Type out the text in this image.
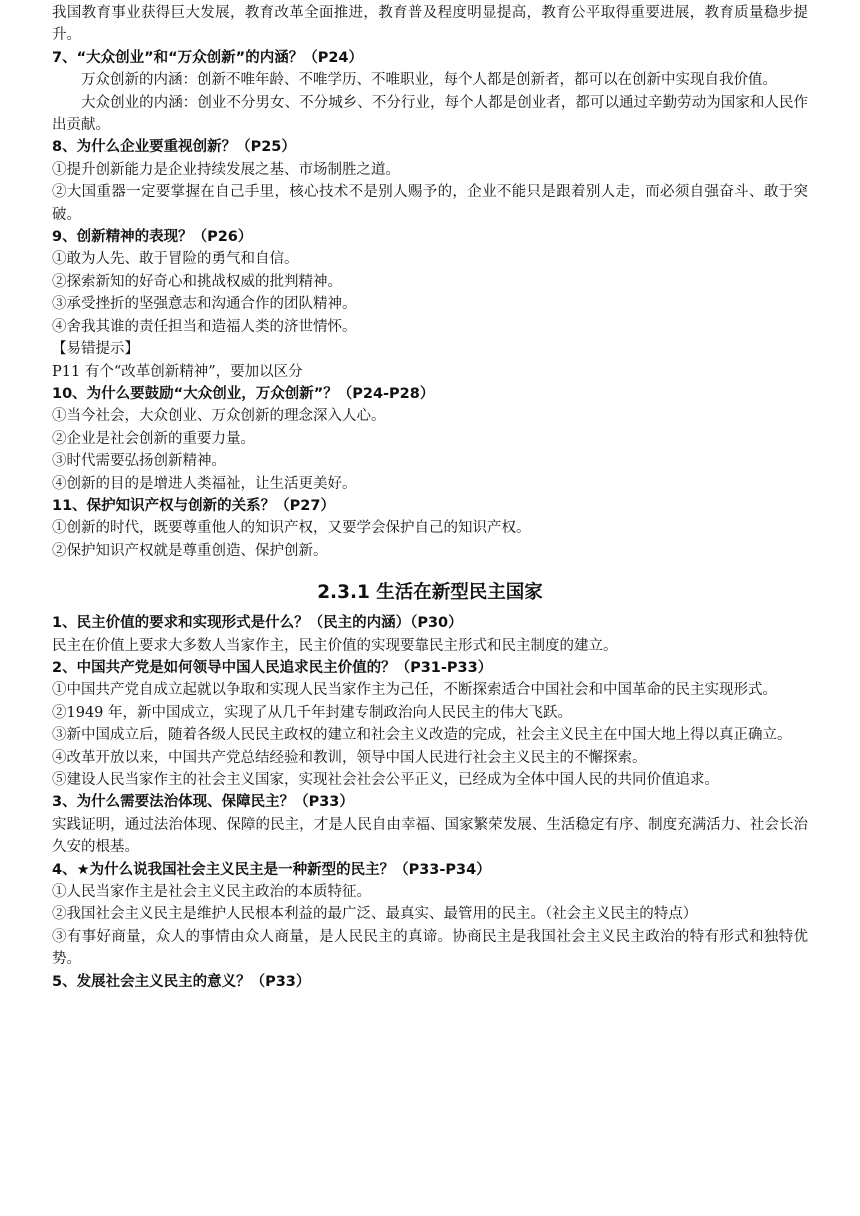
我国教育事业获得巨大发展，教育改革全面推进，教育普及程度明显提高，教育公平取得重要进展，教育质量稳步提升。

7、“大众创业”和“万众创新”的内涵？（P24）

万众创新的内涵：创新不唯年龄、不唯学历、不唯职业，每个人都是创新者，都可以在创新中实现自我价值。

大众创业的内涵：创业不分男女、不分城乡、不分行业，每个人都是创业者，都可以通过辛勤劳动为国家和人民作出贡献。

8、为什么企业要重视创新？（P25）

①提升创新能力是企业持续发展之基、市场制胜之道。

②大国重器一定要掌握在自己手里，核心技术不是别人赐予的，企业不能只是跟着别人走，而必须自强奋斗、敢于突破。

9、创新精神的表现？（P26）

①敢为人先、敢于冒险的勇气和自信。

②探索新知的好奇心和挑战权威的批判精神。

③承受挫折的坚强意志和沟通合作的团队精神。

④舍我其谁的责任担当和造福人类的济世情怀。

【易错提示】

P11 有个“改革创新精神”，要加以区分

10、为什么要鼓励“大众创业，万众创新”？（P24-P28）

①当今社会，大众创业、万众创新的理念深入人心。

②企业是社会创新的重要力量。

③时代需要弘扬创新精神。

④创新的目的是增进人类福祉，让生活更美好。

11、保护知识产权与创新的关系？（P27）

①创新的时代，既要尊重他人的知识产权，又要学会保护自己的知识产权。

②保护知识产权就是尊重创造、保护创新。

2.3.1 生活在新型民主国家

1、民主价值的要求和实现形式是什么？（民主的内涵）（P30）

民主在价值上要求大多数人当家作主，民主价值的实现要靠民主形式和民主制度的建立。

2、中国共产党是如何领导中国人民追求民主价值的？（P31-P33）

①中国共产党自成立起就以争取和实现人民当家作主为己任，不断探索适合中国社会和中国革命的民主实现形式。

②1949 年，新中国成立，实现了从几千年封建专制政治向人民民主的伟大飞跃。

③新中国成立后，随着各级人民民主政权的建立和社会主义改造的完成，社会主义民主在中国大地上得以真正确立。

④改革开放以来，中国共产党总结经验和教训，领导中国人民进行社会主义民主的不懈探索。

⑤建设人民当家作主的社会主义国家，实现社会社会公平正义，已经成为全体中国人民的共同价值追求。

3、为什么需要法治体现、保障民主？（P33）

实践证明，通过法治体现、保障的民主，才是人民自由幸福、国家繁荣发展、生活稳定有序、制度充满活力、社会长治久安的根基。

4、★为什么说我国社会主义民主是一种新型的民主？（P33-P34）

①人民当家作主是社会主义民主政治的本质特征。

②我国社会主义民主是维护人民根本利益的最广泛、最真实、最管用的民主。（社会主义民主的特点）

③有事好商量，众人的事情由众人商量，是人民民主的真谛。协商民主是我国社会主义民主政治的特有形式和独特优势。

5、发展社会主义民主的意义？（P33）
